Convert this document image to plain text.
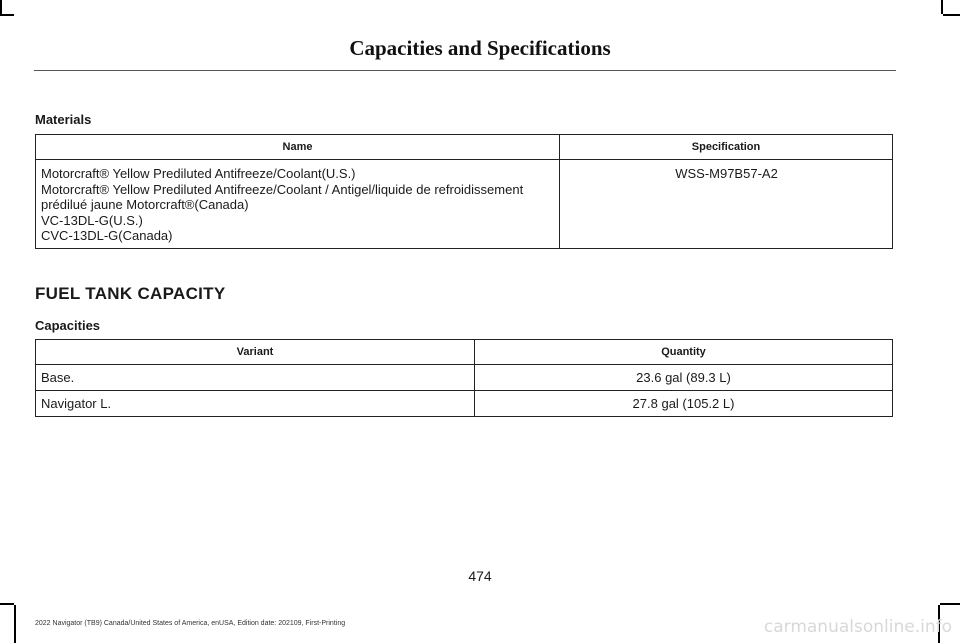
Capacities and Specifications
Materials
Name	Specification

Motorcraft® Yellow Prediluted Antifreeze/Coolant(U.S.)
Motorcraft® Yellow Prediluted Antifreeze/Coolant / Antigel/liquide de refroidissement
prédilué jaune Motorcraft®(Canada)
VC-13DL-G(U.S.)
CVC-13DL-G(Canada)	WSS-M97B57-A2
FUEL TANK CAPACITY
Capacities
Variant	Quantity
Base.	23.6 gal (89.3 L)
Navigator L.	27.8 gal (105.2 L)
474
2022 Navigator (TB9) Canada/United States of America, enUSA, Edition date: 202109, First-Printing	carmanualsonline.info
